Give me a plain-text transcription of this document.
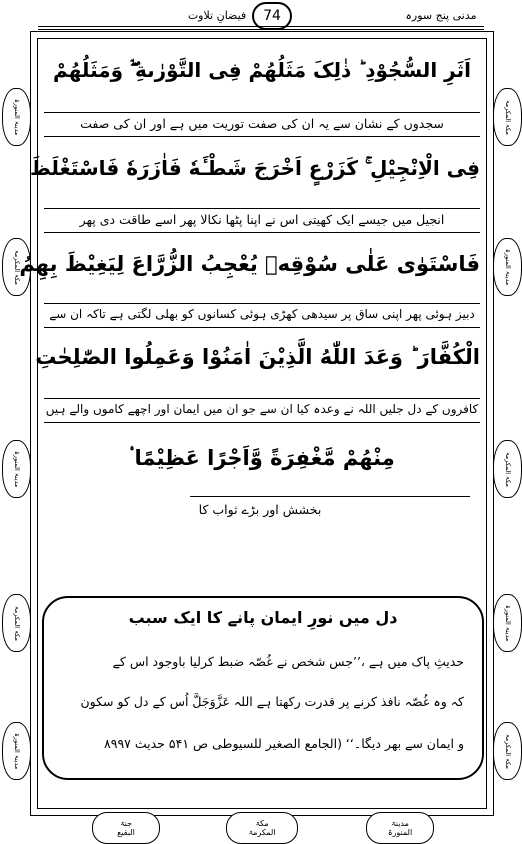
مدنی پنج سورہ
74
فیضانِ تلاوت
مدینۃ المنورۃ
مکۃ المکرمۃ
مدینۃ المنورۃ
مکۃ المکرمۃ
مدینۃ المنورۃ
مکۃ المکرمۃ
مدینۃ المنورۃ
مکۃ المکرمۃ
مدینۃ المنورۃ
مکۃ المکرمۃ
اَثَرِ السُّجُوْدِ ؕ ذٰلِکَ مَثَلُھُمْ فِی التَّوْرٰىةِ ۖۛ وَمَثَلُھُمْ
سجدوں کے نشان سے یہ ان کی صفت توریت میں ہے اور ان کی صفت
فِی الْاِنْجِیْلِ ۚ كَزَرْعٍ اَخْرَجَ شَطْـَٔهٗ فَاٰزَرَهٗ فَاسْتَغْلَظَ
انجیل میں جیسے ایک کھیتی اس نے اپنا پٹھا نکالا پھر اسے طاقت دی پھر
فَاسْتَوٰى عَلٰى سُوْقِهٖ یُعْجِبُ الزُّرَّاعَ لِیَغِیْظَ بِھِمُ
دبیز ہوئی پھر اپنی ساق پر سیدھی کھڑی ہوئی کسانوں کو بھلی لگتی ہے تاکہ ان سے
الْكُفَّارَ ؕ وَعَدَ اللّٰهُ الَّذِیْنَ اٰمَنُوْا وَعَمِلُوا الصّٰلِحٰتِ
کافروں کے دل جلیں اللہ نے وعدہ کیا ان سے جو ان میں ایمان اور اچھے کاموں والے ہیں
مِنْھُمْ مَّغْفِرَةً وَّاَجْرًا عَظِیْمًا ۟
بخشش اور بڑے ثواب کا
دل میں نورِ ایمان پانے کا ایک سبب
حدیثِ پاک میں ہے ،’’جس شخص نے غُصّہ ضبط کرلیا باوجود اس کے
کہ وہ غُصّہ نافذ کرنے پر قدرت رکھتا ہے اللہ عَزَّوَجَلَّ اُس کے دل کو سکون
و ایمان سے بھر دیگا۔‘‘ (الجامع الصغیر للسیوطی ص ۵۴۱ حدیث ۸۹۹۷
جنۃ
البقیع
مکۃ
المکرمۃ
مدینۃ
المنورۃ
